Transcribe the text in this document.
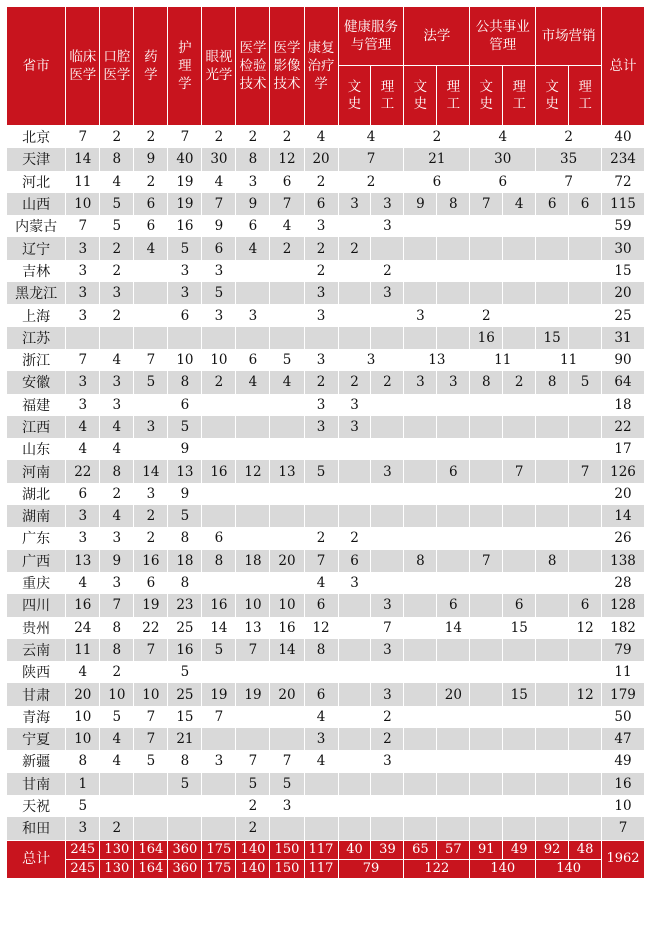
省市	临床医学	口腔医学	药学	护理学	眼视光学	医学检验技术	医学影像技术	康复治疗学	健康服务与管理		法学		公共事业管理		市场营销		总计
									文史	理工	文史	理工	文史	理工	文史	理工	
北京	7	2	2	7	2	2	2	4	4		2		4		2		40
天津	14	8	9	40	30	8	12	20	7		21		30		35		234
河北	11	4	2	19	4	3	6	2	2		6		6		7		72
山西	10	5	6	19	7	9	7	6	3	3	9	8	7	4	6	6	115
内蒙古	7	5	6	16	9	6	4	3		3							59
辽宁	3	2	4	5	6	4	2	2	2								30
吉林	3	2		3	3			2		2							15
黑龙江	3	3		3	5			3		3							20
上海	3	2		6	3	3		3			3		2				25
江苏													16		15		31
浙江	7	4	7	10	10	6	5	3	3		13		11		11		90
安徽	3	3	5	8	2	4	4	2	2	2	3	3	8	2	8	5	64
福建	3	3		6				3	3								18
江西	4	4	3	5				3	3								22
山东	4	4		9													17
河南	22	8	14	13	16	12	13	5		3		6		7		7	126
湖北	6	2	3	9													20
湖南	3	4	2	5													14
广东	3	3	2	8	6			2	2								26
广西	13	9	16	18	8	18	20	7	6		8		7		8		138
重庆	4	3	6	8				4	3								28
四川	16	7	19	23	16	10	10	6		3		6		6		6	128
贵州	24	8	22	25	14	13	16	12		7		14		15		12	182
云南	11	8	7	16	5	7	14	8		3							79
陕西	4	2		5													11
甘肃	20	10	10	25	19	19	20	6		3		20		15		12	179
青海	10	5	7	15	7			4		2							50
宁夏	10	4	7	21				3		2							47
新疆	8	4	5	8	3	7	7	4		3							49
甘南	1			5		5	5										16
天祝	5					2	3										10
和田	3	2				2											7
总计	245	130	164	360	175	140	150	117	40	39	65	57	91	49	92	48	1962
	245	130	164	360	175	140	150	117	79		122		140		140		
